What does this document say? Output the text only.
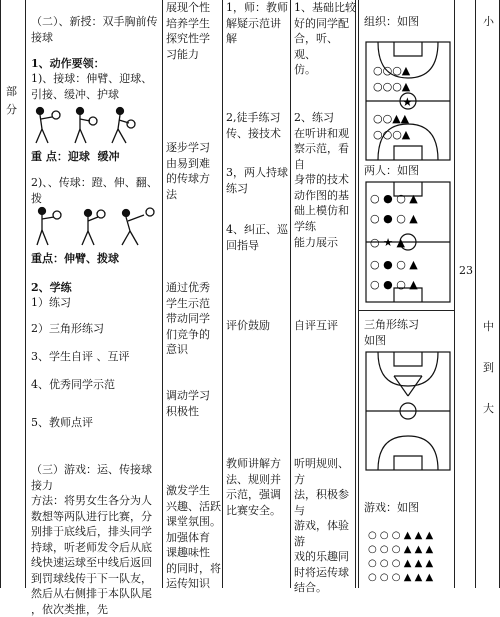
部
分
（二）、新授：双手胸前传
接球
1、动作要领：
1)、接球：伸臂、迎球、
引接、缓冲、护球
重 点：迎球  缓冲
2)、、传球：蹬、伸、翻、
拨
重点：伸臂、拨球
2、学练
1）练习
2）三角形练习
3、学生自评 、互评
4、优秀同学示范
5、教师点评
（三）游戏：运、传接球
接力
方法：将男女生各分为人
数想等两队进行比赛，分
别排于底线后，排头同学
持球，听老师发令后从底
线快速运球至中线后返回
到罚球线传于下一队友，
然后从右侧排于本队队尾
，依次类推，先
展现个性
培养学生
探究性学
习能力
逐步学习
由易到难
的传球方
法
通过优秀
学生示范
带动同学
们竞争的
意识
调动学习
积极性
激发学生
兴趣、活跃
课堂氛围。
加强体育
课趣味性
的同时，将
运传知识
1，师：教师
解疑示范讲
解
2,徒手练习
传、接技术
3，两人持球
练习
4、纠正、巡
回指导
评价鼓励
教师讲解方
法、规则并
示范，强调
比赛安全。
1、基础比较
好的同学配
合，听、观、
仿。
2、练习
在听讲和观
察示范，看自
身带的技术
动作图的基
础上模仿和
学练
能力展示
自评互评
听明规则、方
法，积极参与
游戏，体验游
戏的乐趣同
时将运传球
结合。
组织：如图
○○○▲
○○○▲
★
○○▲▲
○○○▲
两人：如图
○ ● ○ ▲
○ ● ○ ▲
○ ★ ▲
○ ● ○ ▲
○ ● ○ ▲
三角形练习
如图
游戏：如图
○ ○ ○ ▲ ▲ ▲
○ ○ ○ ▲ ▲ ▲
○ ○ ○ ▲ ▲ ▲
○ ○ ○ ▲ ▲ ▲
23
小
中
到
大
